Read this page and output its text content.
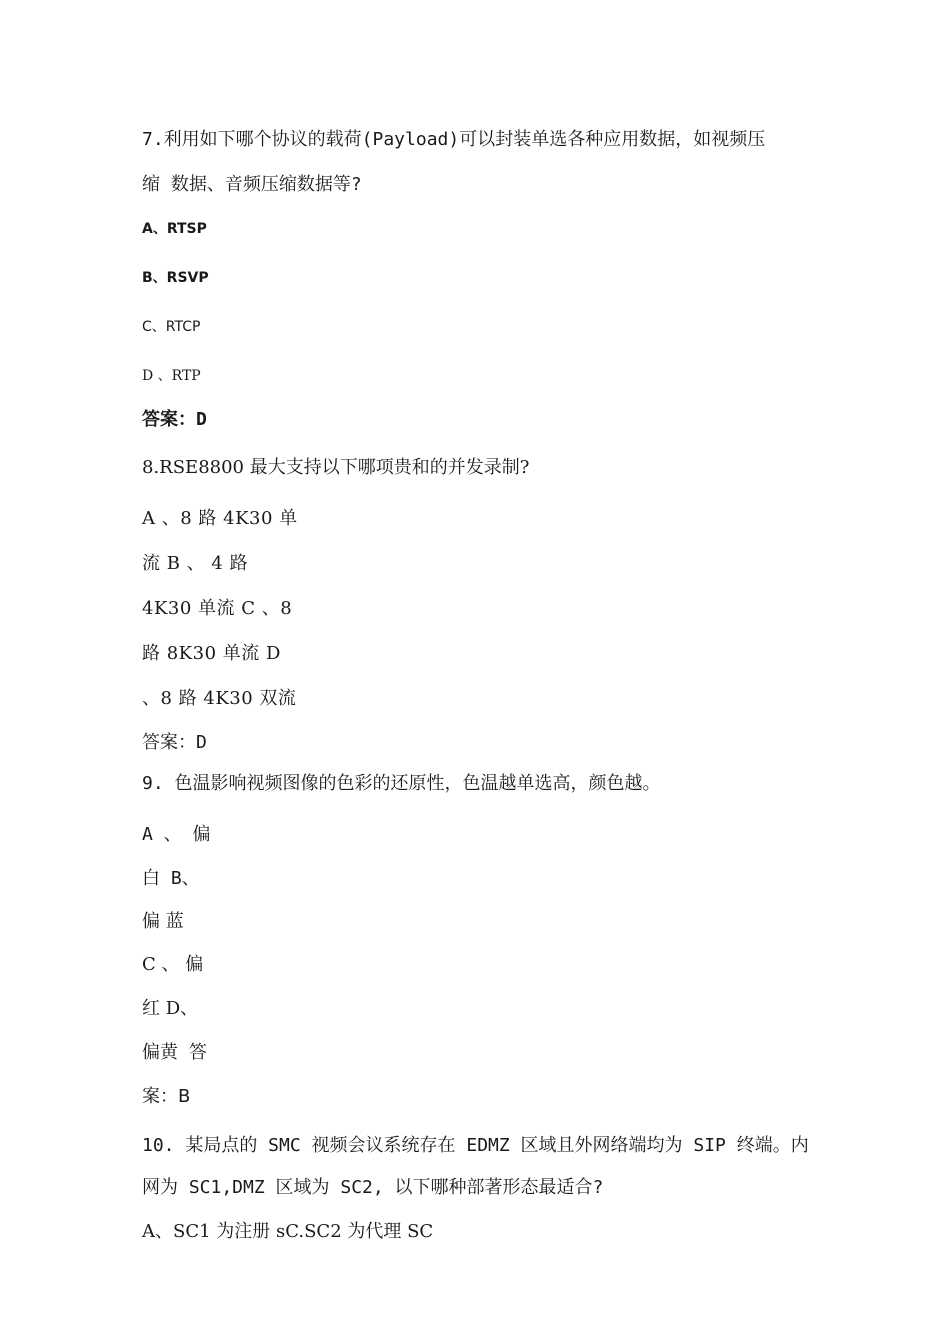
7.利用如下哪个协议的载荷(Payload)可以封装单选各种应用数据，如视频压
缩 数据、音频压缩数据等?
A、RTSP
B、RSVP
C、RTCP
D 、RTP
答案：D
8.RSE8800 最大支持以下哪项贵和的并发录制?
A 、8 路 4K30 单
流 B 、 4 路
4K30 单流 C 、8
路 8K30 单流 D
、8 路 4K30 双流
答案：D
9. 色温影响视频图像的色彩的还原性，色温越单选高，颜色越。
A 、 偏
白 B、
偏 蓝
C 、 偏
红 D、
偏黄 答
案：B
10. 某局点的 SMC 视频会议系统存在 EDMZ 区域且外网络端均为 SIP 终端。内
网为 SC1,DMZ 区域为 SC2, 以下哪种部著形态最适合?
A、SC1 为注册 sC.SC2 为代理 SC
